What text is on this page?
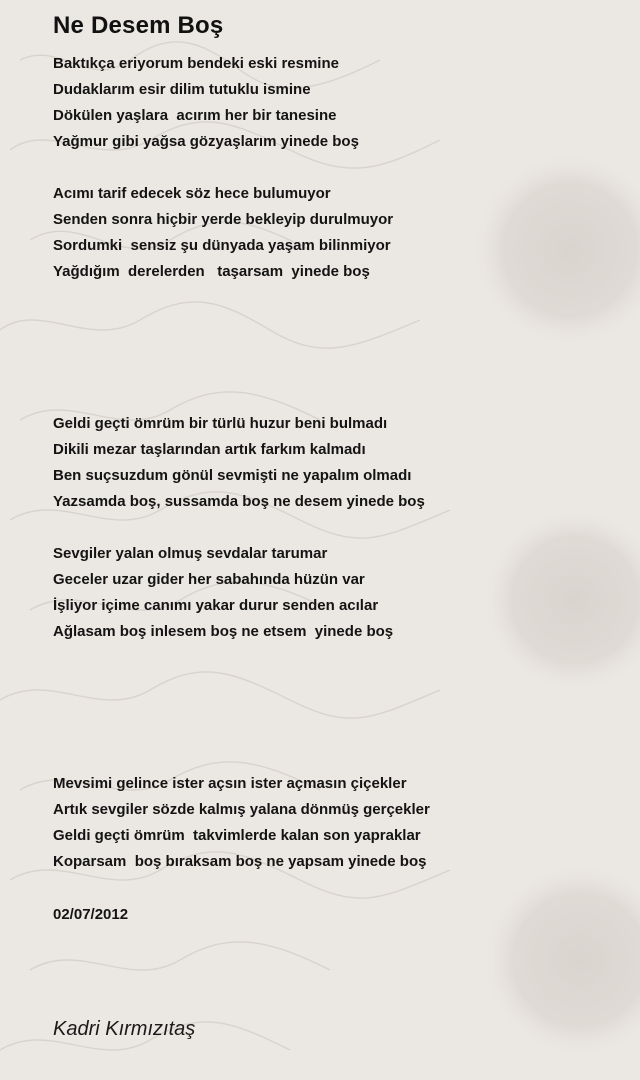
Ne Desem Boş
Baktıkça eriyorum bendeki eski resmine
Dudaklarım esir dilim tutuklu ismine
Dökülen yaşlara  acırım her bir tanesine
Yağmur gibi yağsa gözyaşlarım yinede boş
Acımı tarif edecek söz hece bulumuyor
Senden sonra hiçbir yerde bekleyip durulmuyor
Sordumki  sensiz şu dünyada yaşam bilinmiyor
Yağdığım  derelerden   taşarsam  yinede boş
Geldi geçti ömrüm bir türlü huzur beni bulmadı
Dikili mezar taşlarından artık farkım kalmadı
Ben suçsuzdum gönül sevmişti ne yapalım olmadı
Yazsamda boş, sussamda boş ne desem yinede boş
Sevgiler yalan olmuş sevdalar tarumar
Geceler uzar gider her sabahında hüzün var
İşliyor içime canımı yakar durur senden acılar
Ağlasam boş inlesem boş ne etsem  yinede boş
Mevsimi gelince ister açsın ister açmasın çiçekler
Artık sevgiler sözde kalmış yalana dönmüş gerçekler
Geldi geçti ömrüm  takvimlerde kalan son yapraklar
Koparsam  boş bıraksam boş ne yapsam yinede boş
02/07/2012
Kadri Kırmızıtaş
